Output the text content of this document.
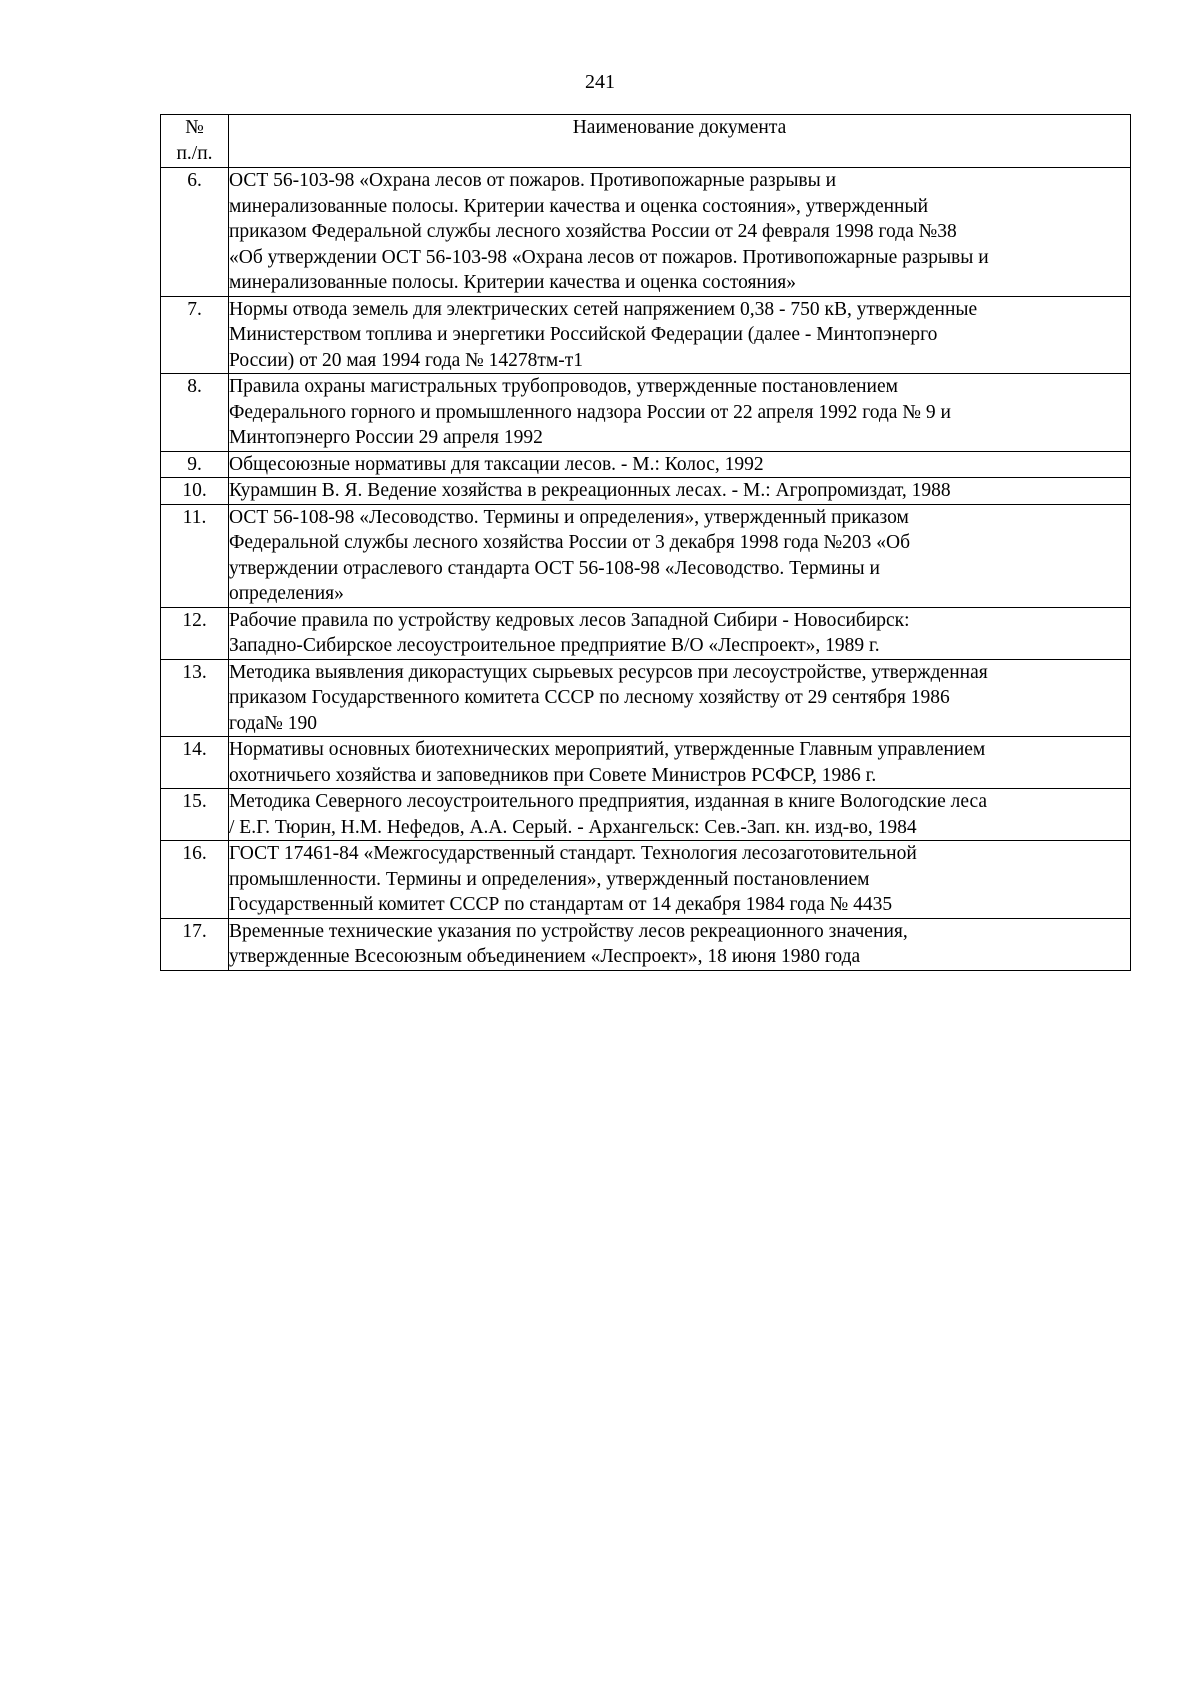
241
№
п./п.	Наименование документа
6.	ОСТ 56-103-98 «Охрана лесов от пожаров. Противопожарные разрывы и
минерализованные полосы. Критерии качества и оценка состояния», утвержденный
приказом Федеральной службы лесного хозяйства России от 24 февраля 1998 года №38
«Об утверждении ОСТ 56-103-98 «Охрана лесов от пожаров. Противопожарные разрывы и
минерализованные полосы. Критерии качества и оценка состояния»

7.	Нормы отвода земель для электрических сетей напряжением 0,38 - 750 кВ, утвержденные
Министерством топлива и энергетики Российской Федерации (далее - Минтопэнерго
России) от 20 мая 1994 года № 14278тм-т1

8.	Правила охраны магистральных трубопроводов, утвержденные постановлением
Федерального горного и промышленного надзора России от 22 апреля 1992 года № 9 и
Минтопэнерго России 29 апреля 1992

9.	Общесоюзные нормативы для таксации лесов. - М.: Колос, 1992

10.	Курамшин В. Я. Ведение хозяйства в рекреационных лесах. - М.: Агропромиздат, 1988

11.	ОСТ 56-108-98 «Лесоводство. Термины и определения», утвержденный приказом
Федеральной службы лесного хозяйства России от 3 декабря 1998 года №203 «Об
утверждении отраслевого стандарта ОСТ 56-108-98 «Лесоводство. Термины и
определения»

12.	Рабочие правила по устройству кедровых лесов Западной Сибири - Новосибирск:
Западно-Сибирское лесоустроительное предприятие В/О «Леспроект», 1989 г.

13.	Методика выявления дикорастущих сырьевых ресурсов при лесоустройстве, утвержденная
приказом Государственного комитета СССР по лесному хозяйству от 29 сентября 1986
года№ 190

14.	Нормативы основных биотехнических мероприятий, утвержденные Главным управлением
охотничьего хозяйства и заповедников при Совете Министров РСФСР, 1986 г.

15.	Методика Северного лесоустроительного предприятия, изданная в книге Вологодские леса
/ Е.Г. Тюрин, Н.М. Нефедов, А.А. Серый. - Архангельск: Сев.-Зап. кн. изд-во, 1984

16.	ГОСТ 17461-84 «Межгосударственный стандарт. Технология лесозаготовительной
промышленности. Термины и определения», утвержденный постановлением
Государственный комитет СССР по стандартам от 14 декабря 1984 года № 4435

17.	Временные технические указания по устройству лесов рекреационного значения,
утвержденные Всесоюзным объединением «Леспроект», 18 июня 1980 года
